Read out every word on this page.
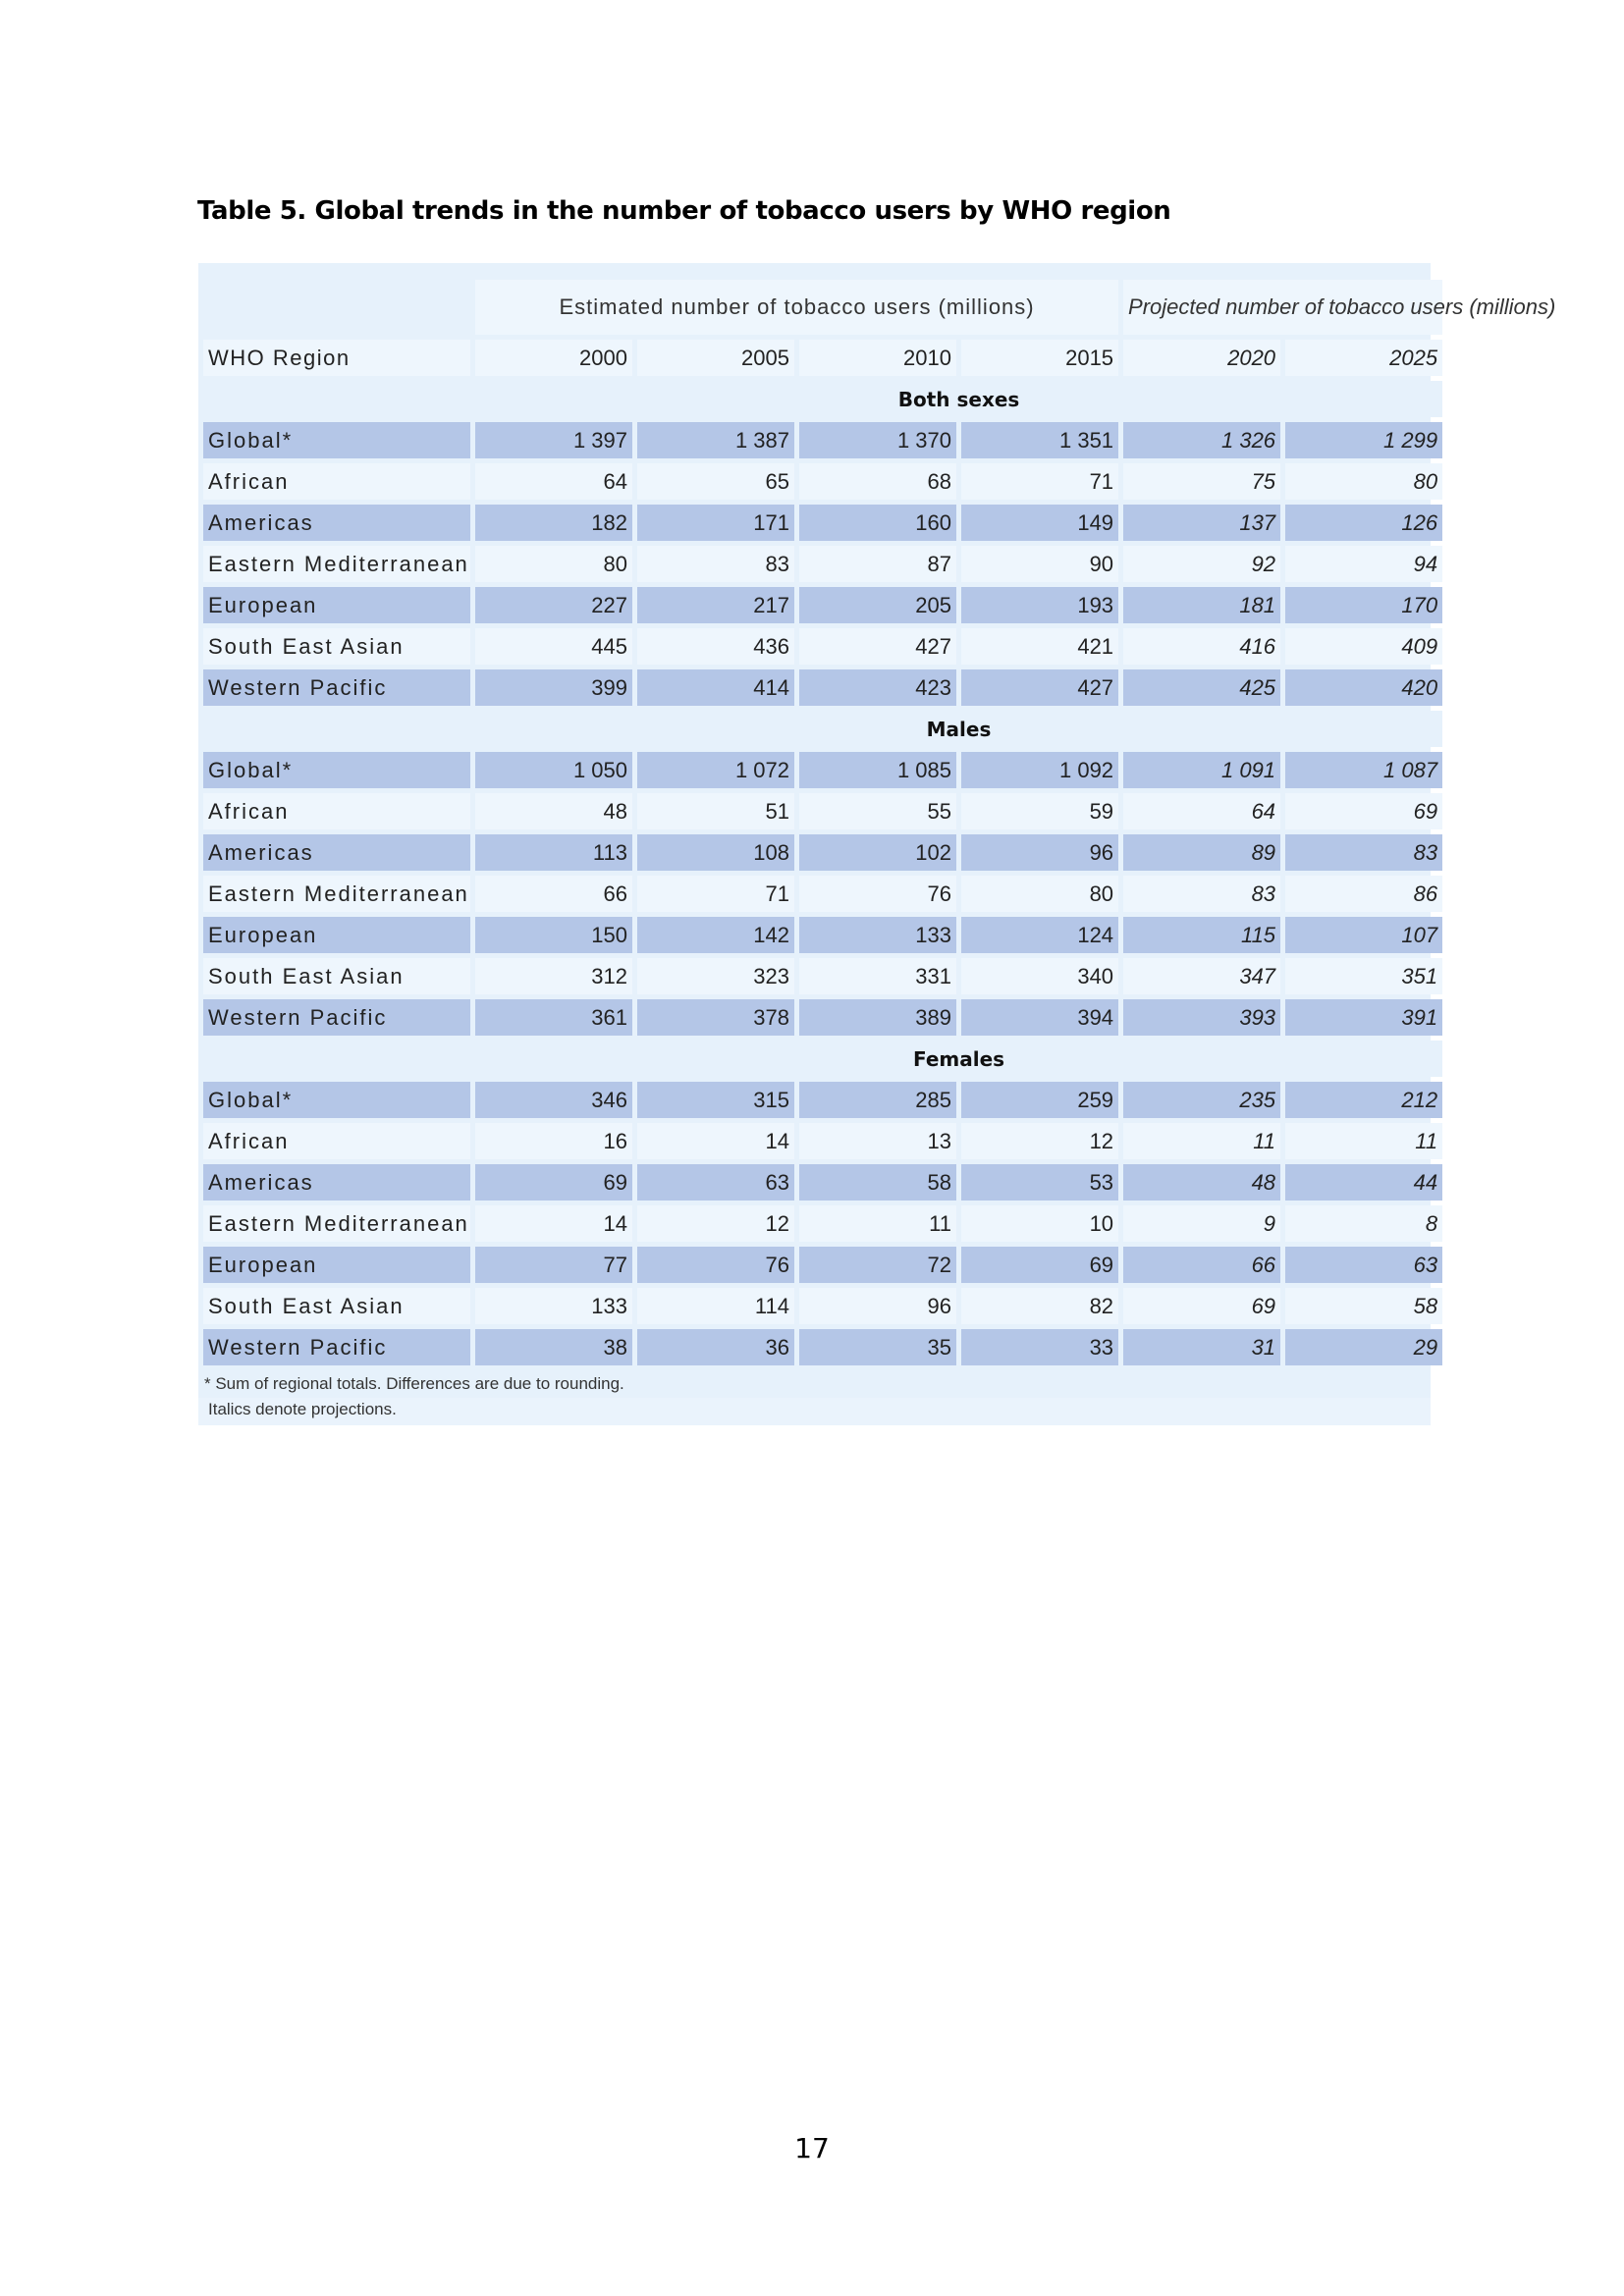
Table 5. Global trends in the number of tobacco users by WHO region
	Estimated number of tobacco users (millions)				Projected number of tobacco users (millions)	
WHO Region	2000	2005	2010	2015	2020	2025
	Both sexes					
Global*	1 397	1 387	1 370	1 351	1 326	1 299
African	64	65	68	71	75	80
Americas	182	171	160	149	137	126
Eastern Mediterranean	80	83	87	90	92	94
European	227	217	205	193	181	170
South East Asian	445	436	427	421	416	409
Western Pacific	399	414	423	427	425	420
	Males					
Global*	1 050	1 072	1 085	1 092	1 091	1 087
African	48	51	55	59	64	69
Americas	113	108	102	96	89	83
Eastern Mediterranean	66	71	76	80	83	86
European	150	142	133	124	115	107
South East Asian	312	323	331	340	347	351
Western Pacific	361	378	389	394	393	391
	Females					
Global*	346	315	285	259	235	212
African	16	14	13	12	11	11
Americas	69	63	58	53	48	44
Eastern Mediterranean	14	12	11	10	9	8
European	77	76	72	69	66	63
South East Asian	133	114	96	82	69	58
Western Pacific	38	36	35	33	31	29
* Sum of regional totals. Differences are due to rounding.
Italics denote projections.
17
